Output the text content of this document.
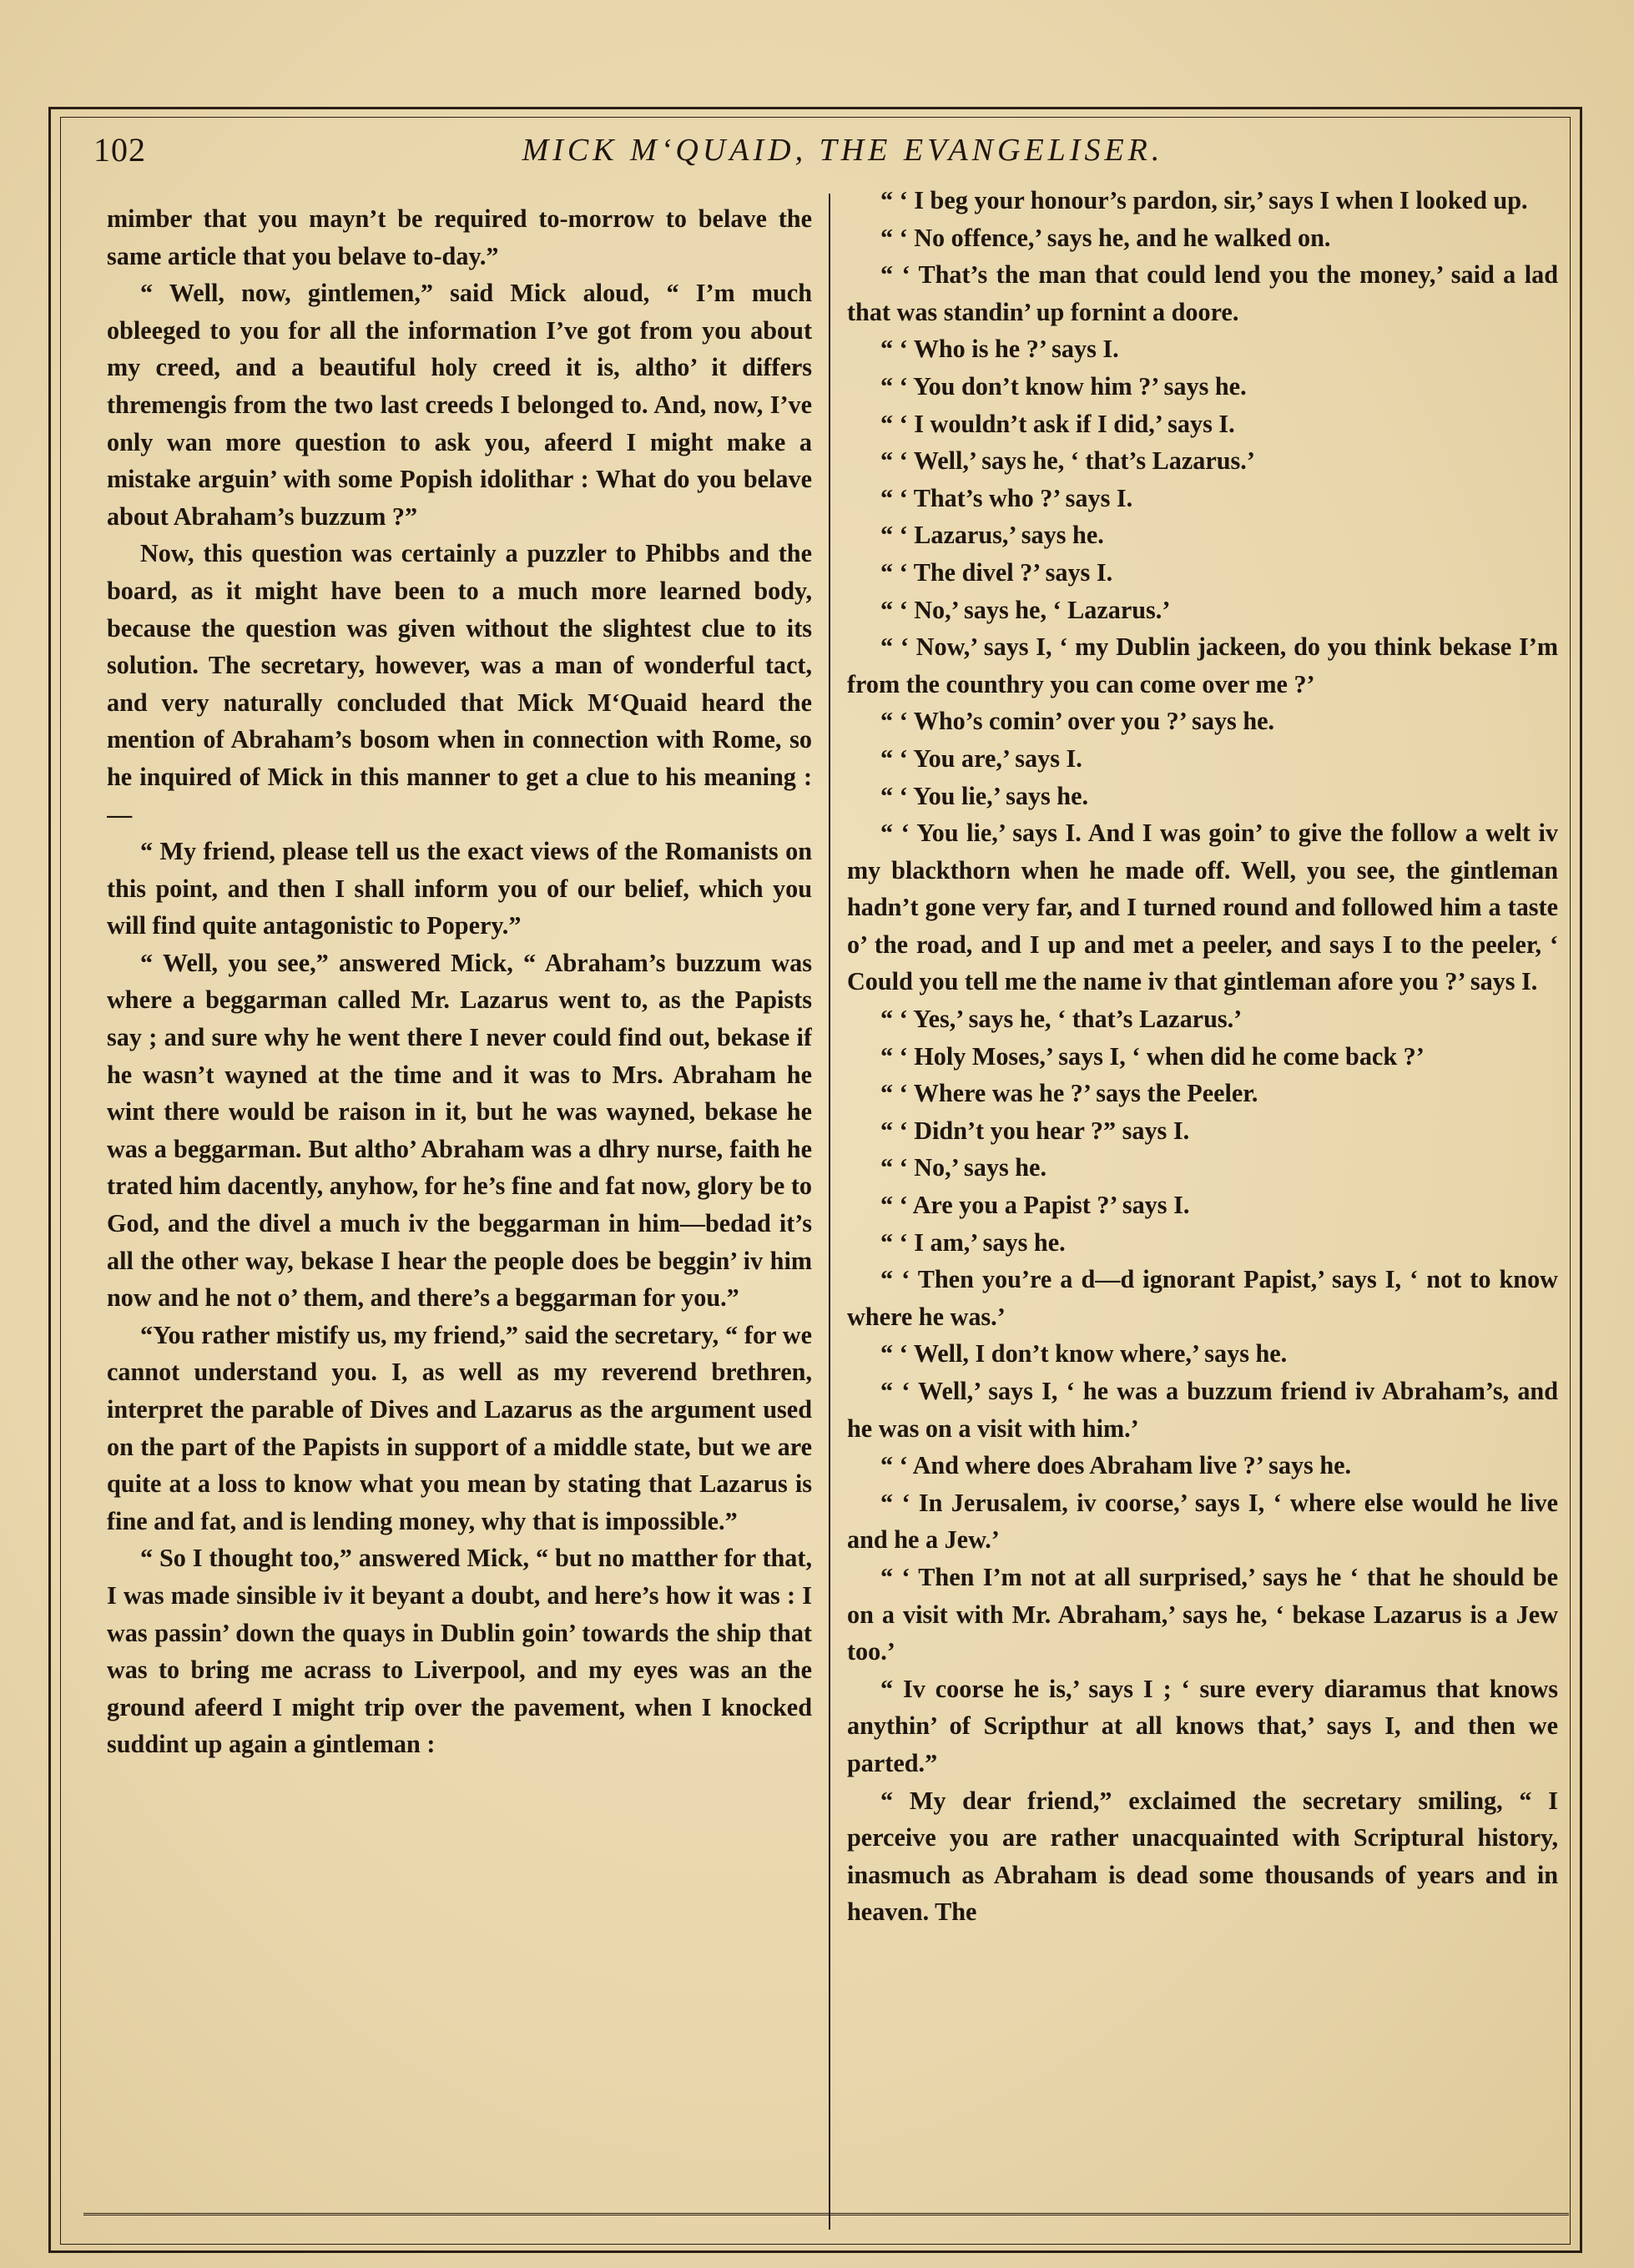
102	MICK M‘QUAID, THE EVANGELISER.

mimber that you mayn’t be required to-morrow to belave the same article that you belave to-day.”

“ Well, now, gintlemen,” said Mick aloud, “ I’m much obleeged to you for all the information I’ve got from you about my creed, and a beautiful holy creed it is, altho’ it differs thremengis from the two last creeds I belonged to. And, now, I’ve only wan more question to ask you, afeerd I might make a mistake arguin’ with some Popish idolithar : What do you belave about Abraham’s buzzum ?”

Now, this question was certainly a puzzler to Phibbs and the board, as it might have been to a much more learned body, because the question was given without the slightest clue to its solution. The secretary, however, was a man of wonderful tact, and very naturally concluded that Mick M‘Quaid heard the mention of Abraham’s bosom when in connection with Rome, so he inquired of Mick in this manner to get a clue to his meaning :—

“ My friend, please tell us the exact views of the Romanists on this point, and then I shall inform you of our belief, which you will find quite antagonistic to Popery.”

“ Well, you see,” answered Mick, “ Abraham’s buzzum was where a beggarman called Mr. Lazarus went to, as the Papists say ; and sure why he went there I never could find out, bekase if he wasn’t wayned at the time and it was to Mrs. Abraham he wint there would be raison in it, but he was wayned, bekase he was a beggarman. But altho’ Abraham was a dhry nurse, faith he trated him dacently, anyhow, for he’s fine and fat now, glory be to God, and the divel a much iv the beggarman in him—bedad it’s all the other way, bekase I hear the people does be beggin’ iv him now and he not o’ them, and there’s a beggarman for you.”

“You rather mistify us, my friend,” said the secretary, “ for we cannot understand you. I, as well as my reverend brethren, interpret the parable of Dives and Lazarus as the argument used on the part of the Papists in support of a middle state, but we are quite at a loss to know what you mean by stating that Lazarus is fine and fat, and is lending money, why that is impossible.”

“ So I thought too,” answered Mick, “ but no matther for that, I was made sinsible iv it beyant a doubt, and here’s how it was : I was passin’ down the quays in Dublin goin’ towards the ship that was to bring me acrass to Liverpool, and my eyes was an the ground afeerd I might trip over the pavement, when I knocked suddint up again a gintleman :

“ ‘ I beg your honour’s pardon, sir,’ says I when I looked up.

“ ‘ No offence,’ says he, and he walked on.

“ ‘ That’s the man that could lend you the money,’ said a lad that was standin’ up fornint a doore.

“ ‘ Who is he ?’ says I.

“ ‘ You don’t know him ?’ says he.

“ ‘ I wouldn’t ask if I did,’ says I.

“ ‘ Well,’ says he, ‘ that’s Lazarus.’

“ ‘ That’s who ?’ says I.

“ ‘ Lazarus,’ says he.

“ ‘ The divel ?’ says I.

“ ‘ No,’ says he, ‘ Lazarus.’

“ ‘ Now,’ says I, ‘ my Dublin jackeen, do you think bekase I’m from the counthry you can come over me ?’

“ ‘ Who’s comin’ over you ?’ says he.

“ ‘ You are,’ says I.

“ ‘ You lie,’ says he.

“ ‘ You lie,’ says I. And I was goin’ to give the follow a welt iv my blackthorn when he made off. Well, you see, the gintleman hadn’t gone very far, and I turned round and followed him a taste o’ the road, and I up and met a peeler, and says I to the peeler, ‘ Could you tell me the name iv that gintleman afore you ?’ says I.

“ ‘ Yes,’ says he, ‘ that’s Lazarus.’

“ ‘ Holy Moses,’ says I, ‘ when did he come back ?’

“ ‘ Where was he ?’ says the Peeler.

“ ‘ Didn’t you hear ?” says I.

“ ‘ No,’ says he.

“ ‘ Are you a Papist ?’ says I.

“ ‘ I am,’ says he.

“ ‘ Then you’re a d—d ignorant Papist,’ says I, ‘ not to know where he was.’

“ ‘ Well, I don’t know where,’ says he.

“ ‘ Well,’ says I, ‘ he was a buzzum friend iv Abraham’s, and he was on a visit with him.’

“ ‘ And where does Abraham live ?’ says he.

“ ‘ In Jerusalem, iv coorse,’ says I, ‘ where else would he live and he a Jew.’

“ ‘ Then I’m not at all surprised,’ says he ‘ that he should be on a visit with Mr. Abraham,’ says he, ‘ bekase Lazarus is a Jew too.’

“ Iv coorse he is,’ says I ; ‘ sure every diaramus that knows anythin’ of Scripthur at all knows that,’ says I, and then we parted.”

“ My dear friend,” exclaimed the secretary smiling, “ I perceive you are rather unacquainted with Scriptural history, inasmuch as Abraham is dead some thousands of years and in heaven. The
